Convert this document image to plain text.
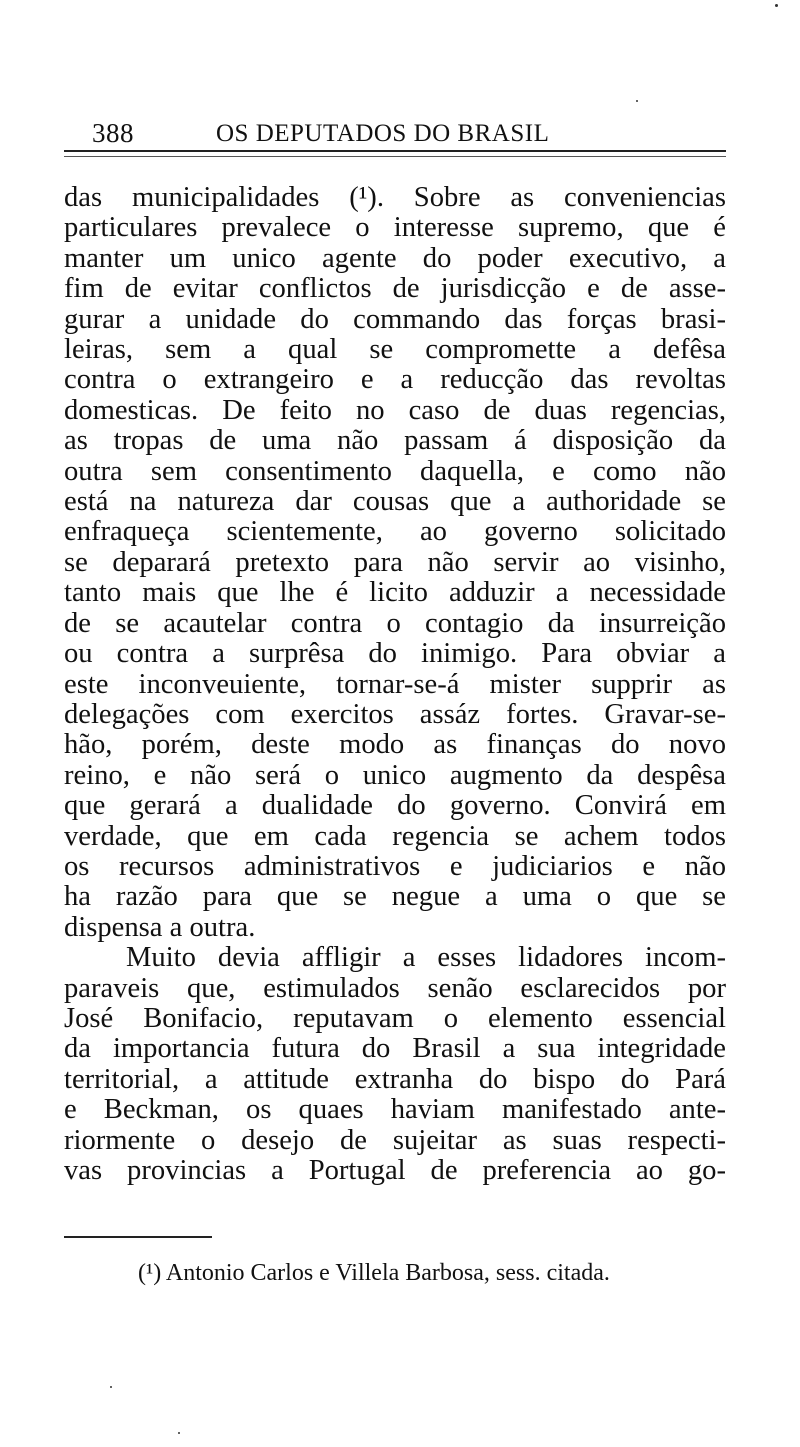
388	OS DEPUTADOS DO BRASIL

das municipalidades (¹). Sobre as conveniencias

particulares prevalece o interesse supremo, que é

manter um unico agente do poder executivo, a

fim de evitar conflictos de jurisdicção e de asse-

gurar a unidade do commando das forças brasi-

leiras, sem a qual se compromette a defêsa

contra o extrangeiro e a reducção das revoltas

domesticas. De feito no caso de duas regencias,

as tropas de uma não passam á disposição da

outra sem consentimento daquella, e como não

está na natureza dar cousas que a authoridade se

enfraqueça scientemente, ao governo solicitado

se deparará pretexto para não servir ao visinho,

tanto mais que lhe é licito adduzir a necessidade

de se acautelar contra o contagio da insurreição

ou contra a surprêsa do inimigo. Para obviar a

este inconveuiente, tornar-se-á mister supprir as

delegações com exercitos assáz fortes. Gravar-se-

hão, porém, deste modo as finanças do novo

reino, e não será o unico augmento da despêsa

que gerará a dualidade do governo. Convirá em

verdade, que em cada regencia se achem todos

os recursos administrativos e judiciarios e não

ha razão para que se negue a uma o que se

dispensa a outra.

Muito devia affligir a esses lidadores incom-

paraveis que, estimulados senão esclarecidos por

José Bonifacio, reputavam o elemento essencial

da importancia futura do Brasil a sua integridade

territorial, a attitude extranha do bispo do Pará

e Beckman, os quaes haviam manifestado ante-

riormente o desejo de sujeitar as suas respecti-

vas provincias a Portugal de preferencia ao go-

(¹) Antonio Carlos e Villela Barbosa, sess. citada.
